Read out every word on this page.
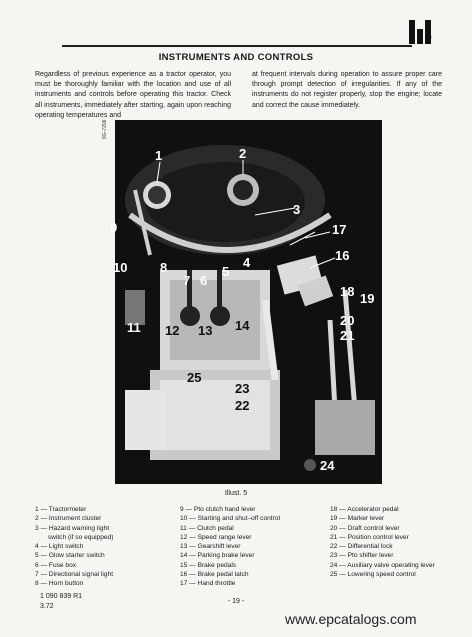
®
INSTRUMENTS AND CONTROLS
Regardless of previous experience as a tractor operator, you must be thoroughly familiar with the location and use of all instruments and controls before operating this tractor. Check all instruments, immediately after starting, again upon reaching operating temperatures and
at frequent intervals during operation to assure proper care through prompt detection of irregularities. If any of the instruments do not register properly, stop the engine; locate and correct the cause immediately.
9G-7206
1	2
3
4
5
6
7
8
9
10
11 12 13 14 15
16
17
18 19
20
21
22
23
24
25
Illust. 5
1 — Tractormeter
2 — Instrument cluster
3 — Hazard warning light
switch (if so equipped)
4 — Light switch
5 — Glow starter switch
6 — Fuse box
7 — Directional signal light
8 — Horn button
9 — Pto clutch hand lever
10 — Starting and shut–off control
11 — Clutch pedal
12 — Speed range lever
13 — Gearshift lever
14 — Parking brake lever
15 — Brake pedals
16 — Brake pedal latch
17 — Hand throttle
18 — Accelerator pedal
19 — Marker lever
20 — Draft control lever
21 — Position control lever
22 — Differential lock
23 — Pto shifter lever
24 — Auxiliary valve operating lever
25 — Lowering speed control
1 090 839 R1
3.72
- 19 -
www.epcatalogs.com
